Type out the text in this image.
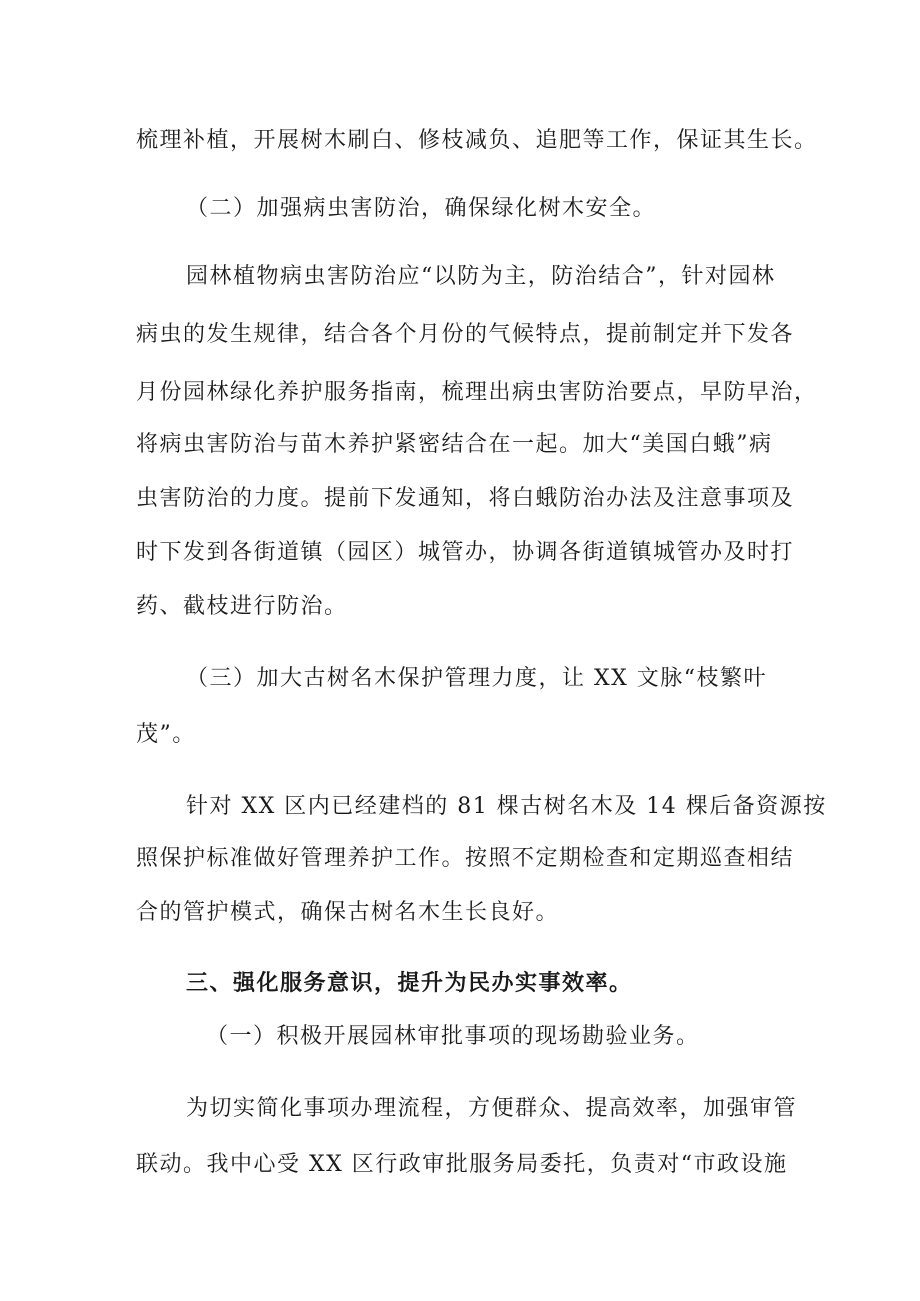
梳理补植，开展树木刷白、修枝减负、追肥等工作，保证其生长。
（二）加强病虫害防治，确保绿化树木安全。
园林植物病虫害防治应“以防为主，防治结合”，针对园林
病虫的发生规律，结合各个月份的气候特点，提前制定并下发各
月份园林绿化养护服务指南，梳理出病虫害防治要点，早防早治，
将病虫害防治与苗木养护紧密结合在一起。加大“美国白蛾”病
虫害防治的力度。提前下发通知，将白蛾防治办法及注意事项及
时下发到各街道镇（园区）城管办，协调各街道镇城管办及时打
药、截枝进行防治。
（三）加大古树名木保护管理力度，让 XX 文脉“枝繁叶
茂”。
针对 XX 区内已经建档的 81 棵古树名木及 14 棵后备资源按
照保护标准做好管理养护工作。按照不定期检查和定期巡查相结
合的管护模式，确保古树名木生长良好。
三、强化服务意识，提升为民办实事效率。
（一）积极开展园林审批事项的现场勘验业务。
为切实简化事项办理流程，方便群众、提高效率，加强审管
联动。我中心受 XX 区行政审批服务局委托，负责对“市政设施
